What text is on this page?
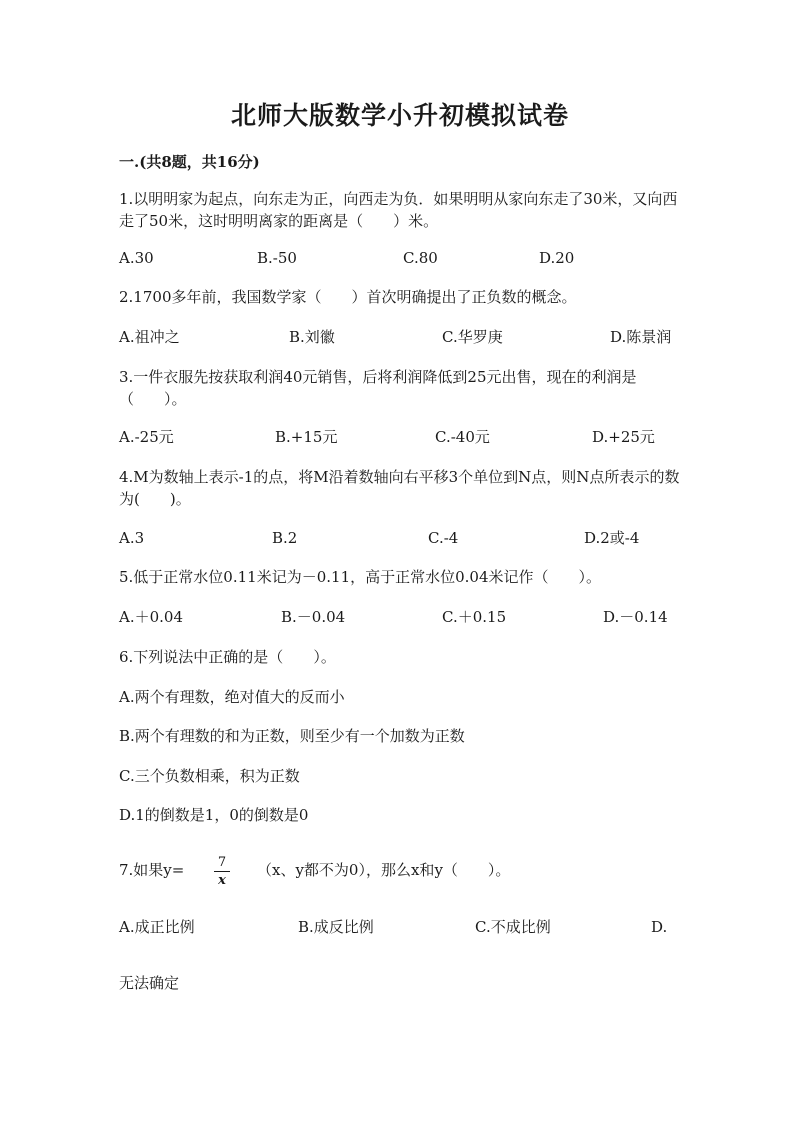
北师大版数学小升初模拟试卷
一.(共8题，共16分)
1.以明明家为起点，向东走为正，向西走为负．如果明明从家向东走了30米，又向西走了50米，这时明明离家的距离是（　　）米。
A.30	B.-50	C.80	D.20
2.1700多年前，我国数学家（　　）首次明确提出了正负数的概念。
A.祖冲之	B.刘徽	C.华罗庚	D.陈景润
3.一件衣服先按获取利润40元销售，后将利润降低到25元出售，现在的利润是（　　）。
A.-25元	B.+15元	C.-40元	D.+25元
4.M为数轴上表示-1的点，将M沿着数轴向右平移3个单位到N点，则N点所表示的数为(　　)。
A.3	B.2	C.-4	D.2或-4
5.低于正常水位0.11米记为－0.11，高于正常水位0.04米记作（　　）。
A.＋0.04	B.－0.04	C.＋0.15	D.－0.14
6.下列说法中正确的是（　　）。
A.两个有理数，绝对值大的反而小
B.两个有理数的和为正数，则至少有一个加数为正数
C.三个负数相乘，积为正数
D.1的倒数是1，0的倒数是0
7.如果$y= \frac{7}{x} (x$、y都不为0），那么x和y（　　）。
A.成正比例	B.成反比例	C.不成比例	D.
无法确定
